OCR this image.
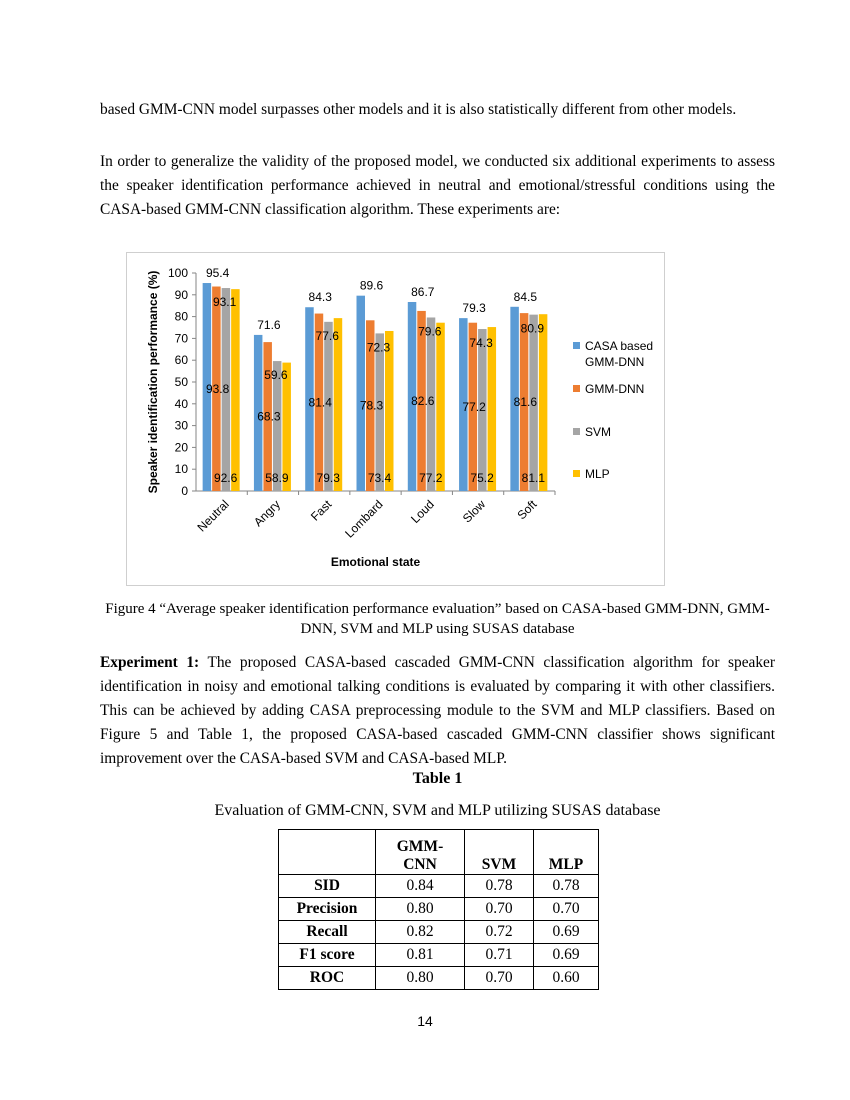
based GMM-CNN model surpasses other models and it is also statistically different from other models.

In order to generalize the validity of the proposed model, we conducted six additional experiments to assess the speaker identification performance achieved in neutral and emotional/stressful conditions using the CASA-based GMM-CNN classification algorithm. These experiments are:

0
10
20
30
40
50
60
70
80
90
100 95.4
93.8
93.1
92.6
Neutral
71.6
68.3
59.6
58.9
Angry
84.3
81.4
77.6
79.3
Fast
89.6
78.3
72.3
73.4
Lombard
86.7
82.6
79.6
77.2
Loud
79.3
77.2
74.3
75.2
Slow
84.5
81.6
80.9
81.1
Soft
Speaker identification performance (%)
Emotional state
CASA based GMM-DNN
GMM-DNN
SVM
MLP
Figure 4 “Average speaker identification performance evaluation” based on CASA-based GMM-DNN, GMM-DNN, SVM and MLP using SUSAS database

Experiment 1: The proposed CASA-based cascaded GMM-CNN classification algorithm for speaker identification in noisy and emotional talking conditions is evaluated by comparing it with other classifiers. This can be achieved by adding CASA preprocessing module to the SVM and MLP classifiers. Based on Figure 5 and Table 1, the proposed CASA-based cascaded GMM-CNN classifier shows significant improvement over the CASA-based SVM and CASA-based MLP.

Table 1
Evaluation of GMM-CNN, SVM and MLP utilizing SUSAS database
	GMM-CNN	SVM	MLP
SID	0.84	0.78	0.78
Precision	0.80	0.70	0.70
Recall	0.82	0.72	0.69
F1 score	0.81	0.71	0.69
ROC	0.80	0.70	0.60
14
